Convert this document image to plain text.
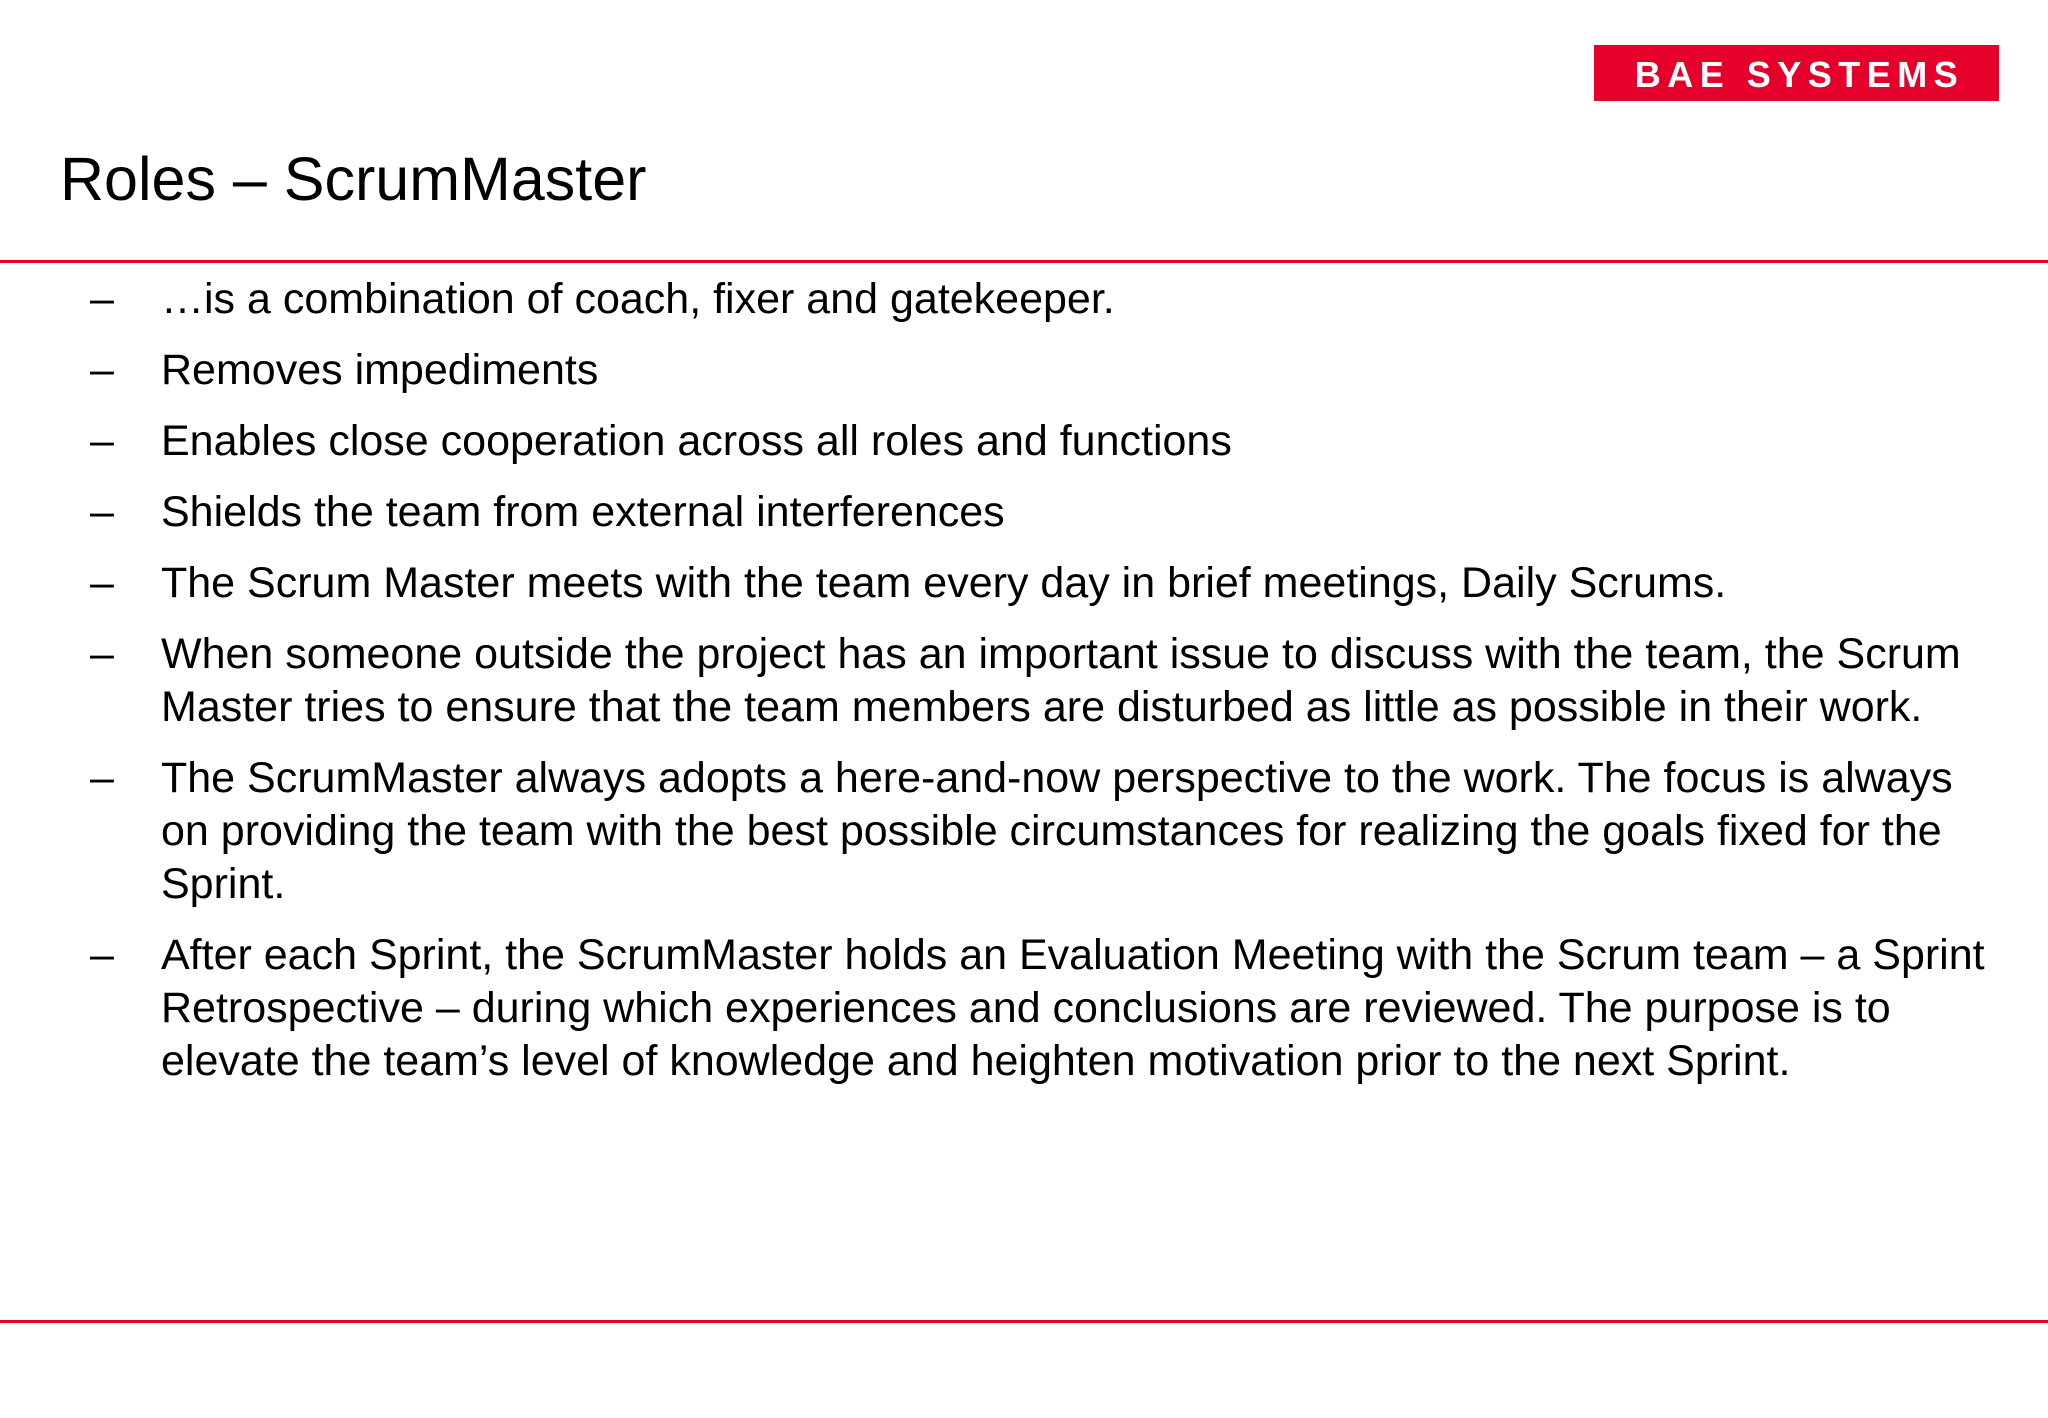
BAE SYSTEMS
Roles – ScrumMaster
–	…is a combination of coach, fixer and gatekeeper.
–	Removes impediments
–	Enables close cooperation across all roles and functions
–	Shields the team from external interferences
–	The Scrum Master meets with the team every day in brief meetings, Daily Scrums.
–	When someone outside the project has an important issue to discuss with the team, the Scrum Master tries to ensure that the team members are disturbed as little as possible in their work.
–	The ScrumMaster always adopts a here-and-now perspective to the work. The focus is always on providing the team with the best possible circumstances for realizing the goals fixed for the Sprint.
–	After each Sprint, the ScrumMaster holds an Evaluation Meeting with the Scrum team – a Sprint Retrospective – during which experiences and conclusions are reviewed. The purpose is to elevate the team’s level of knowledge and heighten motivation prior to the next Sprint.
